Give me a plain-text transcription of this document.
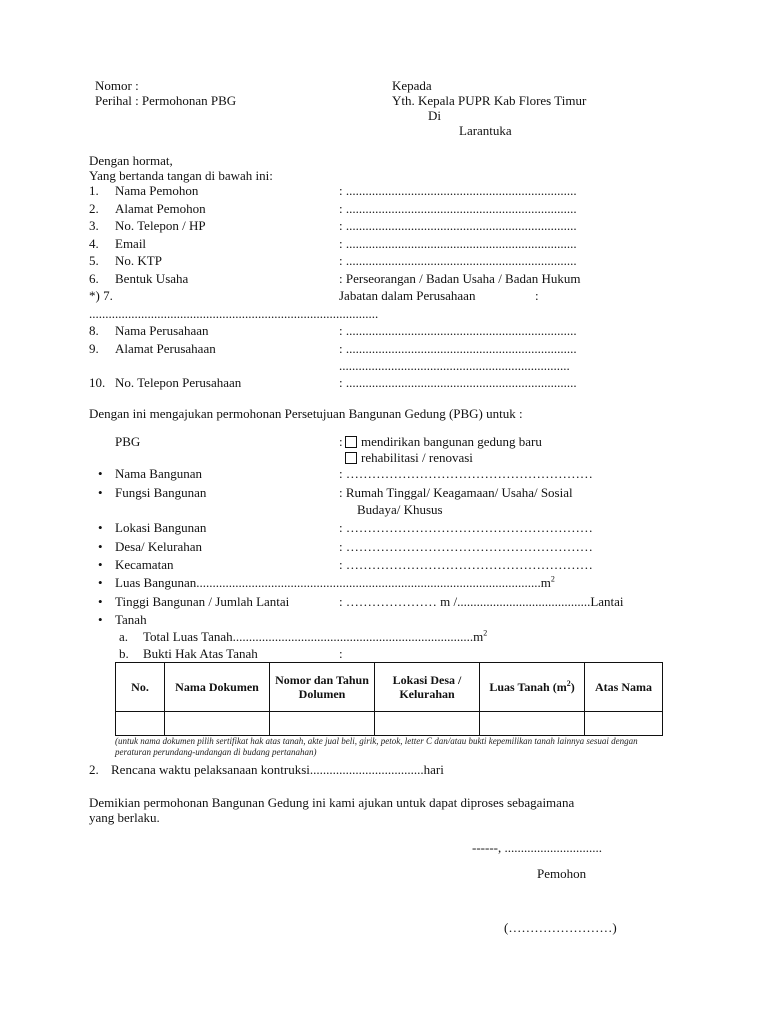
Nomor :
Perihal : Permohonan PBG
Kepada
Yth. Kepala PUPR Kab Flores Timur
Di
Larantuka
Dengan hormat,
Yang bertanda tangan di bawah ini:
1. Nama Pemohon	: .......................................................................
2. Alamat Pemohon	: .......................................................................
3. No. Telepon / HP	: .......................................................................
4. Email	: .......................................................................
5. No. KTP	: .......................................................................
6. Bentuk Usaha	: Perseorangan / Badan Usaha / Badan Hukum
*) 7.	Jabatan dalam Perusahaan	:
.........................................................................................
8. Nama Perusahaan	: .......................................................................
9. Alamat Perusahaan	: .......................................................................
.......................................................................
10. No. Telepon Perusahaan	: .......................................................................
Dengan ini mengajukan permohonan Persetujuan Bangunan Gedung (PBG) untuk :
PBG	:	mendirikan bangunan gedung baru
rehabilitasi / renovasi
• Nama Bangunan	: …………………………………………………
• Fungsi Bangunan	: Rumah Tinggal/ Keagamaan/ Usaha/ Sosial
Budaya/ Khusus
• Lokasi Bangunan	: …………………………………………………
• Desa/ Kelurahan	: …………………………………………………
• Kecamatan	: …………………………………………………
• Luas $Bangunan..........................................................................................................m^2$
• Tinggi Bangunan / Jumlah Lantai	: ………………… m /.........................................Lantai
• Tanah
a. Total Luas $Tanah..........................................................................m^2$
b. Bukti Hak Atas Tanah	:
No.	Nama Dokumen	Nomor dan Tahun Dolumen	Lokasi Desa / Kelurahan	Luas Tanah $(m^2)$	Atas Nama

(untuk nama dokumen pilih sertifikat hak atas tanah, akte jual beli, girik, petok, letter C dan/atau bukti kepemilikan tanah lainnya sesuai dengan peraturan perundang-undangan di budang pertanahan)
2. Rencana waktu pelaksanaan kontruksi...................................hari
Demikian permohonan Bangunan Gedung ini kami ajukan untuk dapat diproses sebagaimana
yang berlaku.
------, ..............................
Pemohon
(……………………)
